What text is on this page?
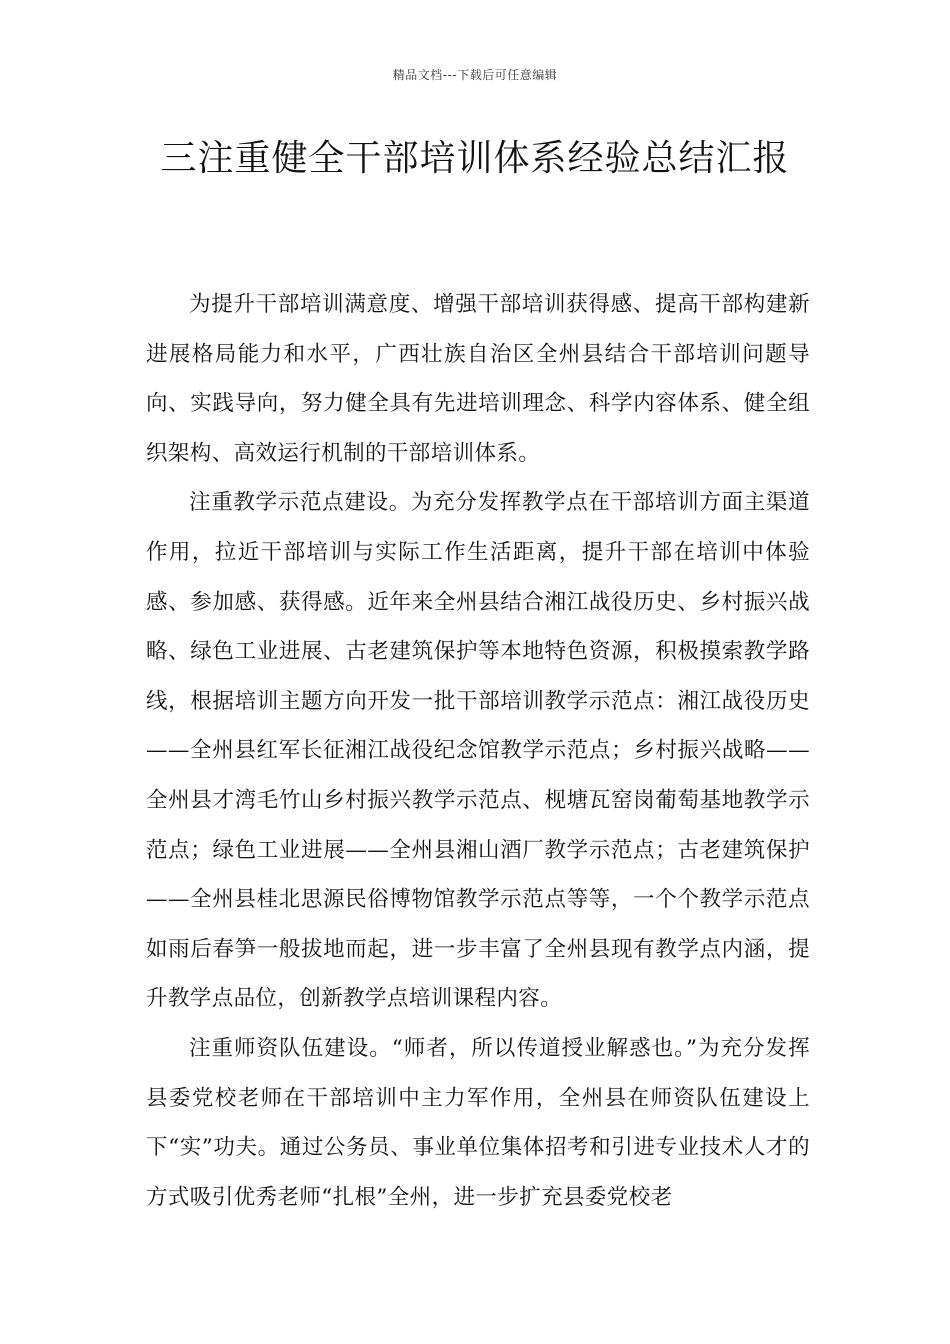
精品文档---下载后可任意编辑
三注重健全干部培训体系经验总结汇报

为提升干部培训满意度、增强干部培训获得感、提高干部构建新进展格局能力和水平，广西壮族自治区全州县结合干部培训问题导向、实践导向，努力健全具有先进培训理念、科学内容体系、健全组织架构、高效运行机制的干部培训体系。

注重教学示范点建设。为充分发挥教学点在干部培训方面主渠道作用，拉近干部培训与实际工作生活距离，提升干部在培训中体验感、参加感、获得感。近年来全州县结合湘江战役历史、乡村振兴战略、绿色工业进展、古老建筑保护等本地特色资源，积极摸索教学路线，根据培训主题方向开发一批干部培训教学示范点：湘江战役历史——全州县红军长征湘江战役纪念馆教学示范点；乡村振兴战略——全州县才湾毛竹山乡村振兴教学示范点、枧塘瓦窑岗葡萄基地教学示范点；绿色工业进展——全州县湘山酒厂教学示范点；古老建筑保护——全州县桂北思源民俗博物馆教学示范点等等，一个个教学示范点如雨后春笋一般拔地而起，进一步丰富了全州县现有教学点内涵，提升教学点品位，创新教学点培训课程内容。

注重师资队伍建设。“师者，所以传道授业解惑也。”为充分发挥县委党校老师在干部培训中主力军作用，全州县在师资队伍建设上下“实”功夫。通过公务员、事业单位集体招考和引进专业技术人才的方式吸引优秀老师“扎根”全州，进一步扩充县委党校老
